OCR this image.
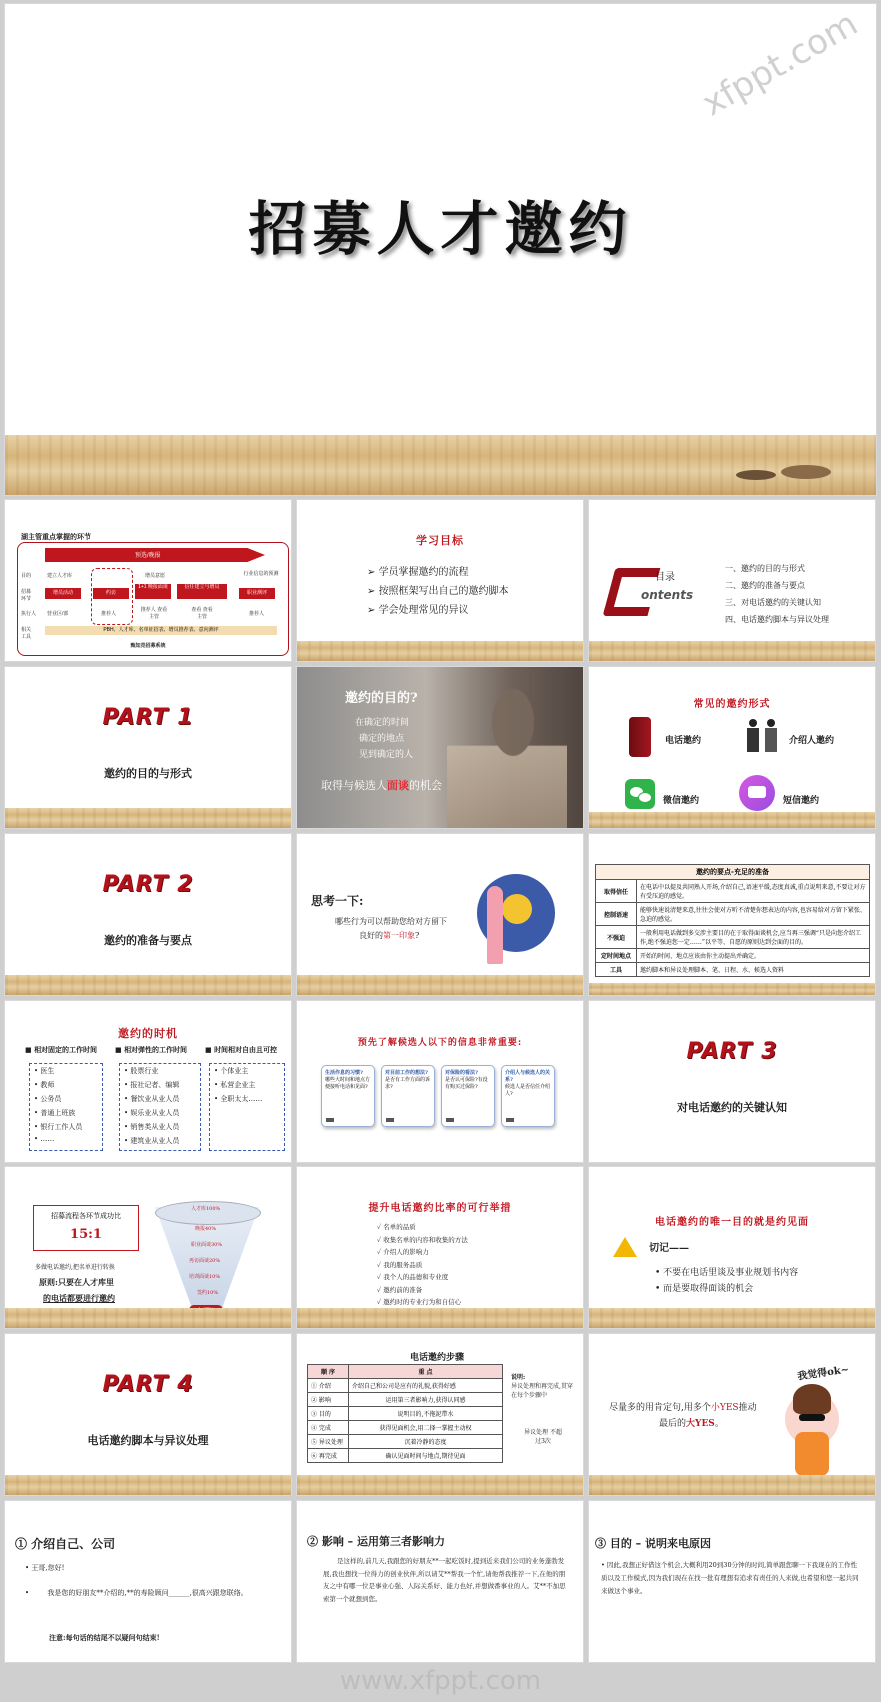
xfppt.com
招募人才邀约
湖主管重点掌握的环节
预选/晚报
目的
招募环节
执行人
相关工具
建立人才库	增员意愿	行业信息的预测
增员活动	约访
1+1 晚报面谈	信任建立与增员
职业测评
营业区/部	推荐人
推荐人 查看主管
查看 查看主管	推荐人
PBH、人才库、名单征招表、增员推荐表、意向测评
甄知竞招募系统
学习目标
➢ 学员掌握邀约的流程
➢ 按照框架写出自己的邀约脚本
➢ 学会处理常见的异议
目录
ontents
一、邀约的目的与形式
二、邀约的准备与要点
三、对电话邀约的关键认知
四、电话邀约脚本与异议处理
PART 1
邀约的目的与形式
邀约的目的?
在确定的时间
确定的地点
见到确定的人
取得与候选人面谈的机会
常见的邀约形式
电话邀约	介绍人邀约
微信邀约	短信邀约
PART 2
邀约的准备与要点
思考一下:
哪些行为可以帮助您给对方留下
良好的第一印象?
邀约的要点-充足的准备	
取得信任	在电话中以提及共同熟人开场,介绍自己,语速平缓,态度真诚,重点说明来意,不要让对方有受压迫的感觉。
控制语速	能够快速说清楚来意,往往会使对方听不清楚你想表达的内容,也容易给对方留下紧张、急迫的感觉。
不强迫	一般利用电话做到多交涉主要目的在于取得面谈机会,应当再三强调“只是向您介绍工作,绝不强迫您一定……”以平等、自愿的原则达到会面的目的。
定时间地点	开始的时间、地点应该由你主动提出并确定。
工具	邀约脚本和异议处理脚本、笔、日程、水、候选人资料
邀约的时机
■ 相对固定的工作时间	■ 相对弹性的工作时间	■ 时间相对自由且可控
• 医生
• 教师
• 公务员
• 普通上班族
• 银行工作人员
• ……
• 股票行业
• 报社记者、编辑
• 餐饮业从业人员
• 娱乐业从业人员
• 销售类从业人员
• 建筑业从业人员
• 个体业主
• 私营企业主
• 全职太太……
预先了解候选人以下的信息非常重要:
生活作息的习惯?
哪些大时间和地点方便接听电话和见面?
对目前工作的想法?
是否有工作方面的诉求?
对保险的看法?
是否认可保险?有没有购买过保险?
介绍人与候选人的关系?
候选人是否信任介绍人?
PART 3
对电话邀约的关键认知
招募流程各环节成功比
15:1
多做电话邀约,把名单进行转换
原则:只要在人才库里
的电话都要进行邀约
人才库100%
晚报40%
职业面谈30%
再访面谈20%
培训面谈10%
签约10%
提升电话邀约比率的可行举措
✓ 名单的品质
✓ 收集名单的内容和收集的方法
✓ 介绍人的影响力
✓ 我的服务品质
✓ 我个人的品德和专业度
✓ 邀约前的准备
✓ 邀约时的专业行为和自信心
电话邀约的唯一目的就是约见面
切记——
• 不要在电话里谈及事业规划书内容
• 而是要取得面谈的机会
PART 4
电话邀约脚本与异议处理
电话邀约步骤
顺 序	重 点
① 介绍	介绍自己和公司是应有的礼貌,获得好感
② 影响	运用第三者影响力,获得认同感
③ 目的	说明目的,不拖泥带水
④ 完成	获得见面机会,用二择一掌握主动权
⑤ 异议处理	沉着冷静的态度
⑥ 再完成	确认见面时间与地点,期待见面
说明:
异议处理和再完成,贯穿在每个步骤中
异议处理 不超过3次
尽量多的用肯定句,用多个小YES推动
最后的大YES。
我觉得ok~
① 介绍自己、公司
• 王哥,您好!
• 我是您的好朋友**介绍的,**的寿险顾问______,很高兴跟您联络。
注意:每句话的结尾不以疑问句结束!
② 影响 – 运用第三者影响力
是这样的,前几天,我跟您的好朋友**一起吃饭时,提到近来我们公司的业务蓬勃发展,我也想找一位得力的创业伙伴,所以请艾**帮我一个忙,请他帮我推荐一下,在他的朋友之中有哪一位是事业心强、人际关系好、能力也好,并想做番事业的人。艾**不加思索第一个就想到您。
③ 目的 – 说明来电原因
• 因此,我想正好借这个机会,大概利用20到30分钟的时间,简单跟您聊一下我现在的工作性质以及工作模式,因为我们现在在找一批有理想有追求有责任的人来做,也希望和您一起共同来做这个事业。
www.xfppt.com
